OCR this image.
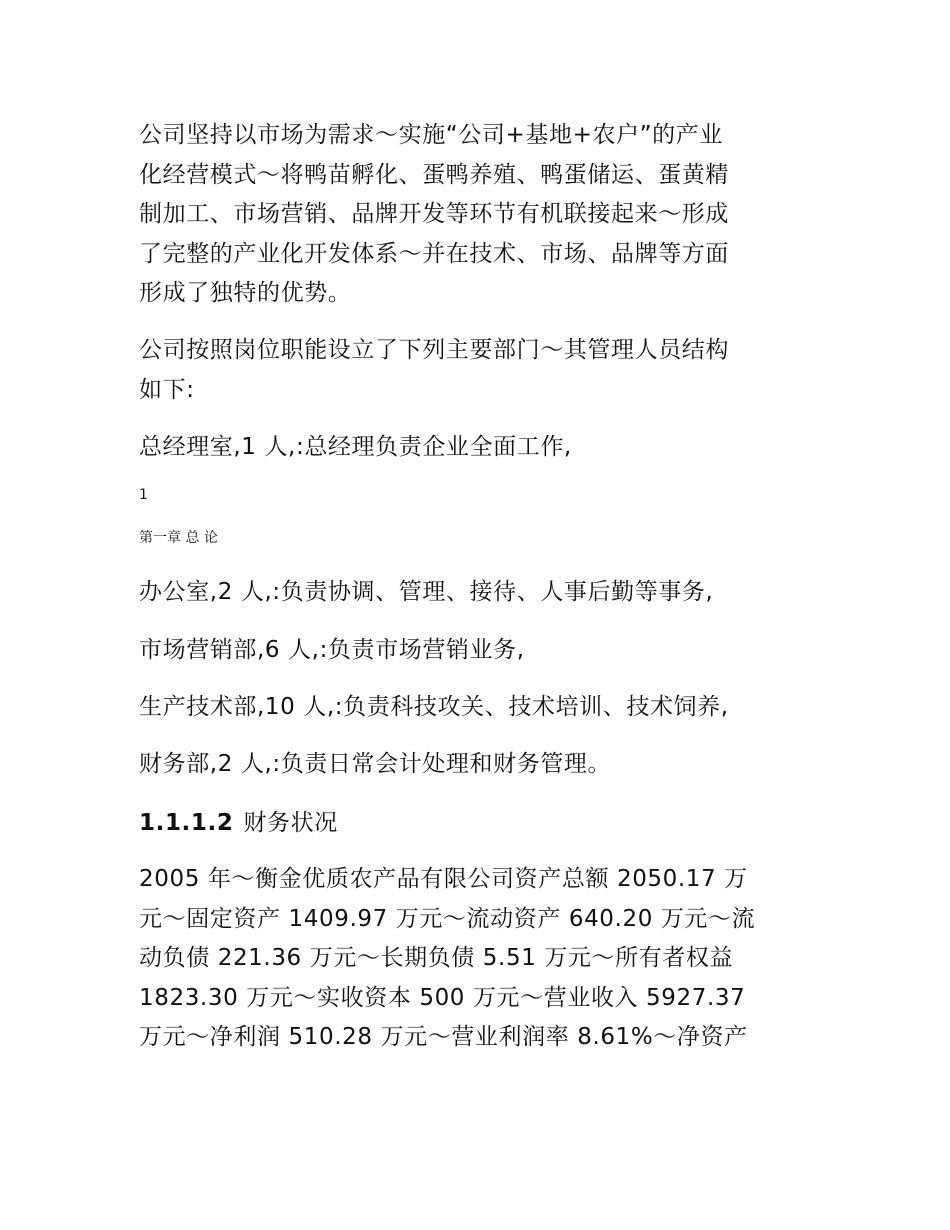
公司坚持以市场为需求～实施“公司+基地+农户”的产业
化经营模式～将鸭苗孵化、蛋鸭养殖、鸭蛋储运、蛋黄精
制加工、市场营销、品牌开发等环节有机联接起来～形成
了完整的产业化开发体系～并在技术、市场、品牌等方面
形成了独特的优势。
公司按照岗位职能设立了下列主要部门～其管理人员结构
如下:
总经理室,1 人,:总经理负责企业全面工作,
1
第一章 总 论
办公室,2 人,:负责协调、管理、接待、人事后勤等事务,
市场营销部,6 人,:负责市场营销业务,
生产技术部,10 人,:负责科技攻关、技术培训、技术饲养,
财务部,2 人,:负责日常会计处理和财务管理。
1.1.1.2 财务状况
2005 年～衡金优质农产品有限公司资产总额 2050.17 万
元～固定资产 1409.97 万元～流动资产 640.20 万元～流
动负债 221.36 万元～长期负债 5.51 万元～所有者权益
1823.30 万元～实收资本 500 万元～营业收入 5927.37
万元～净利润 510.28 万元～营业利润率 8.61%～净资产
